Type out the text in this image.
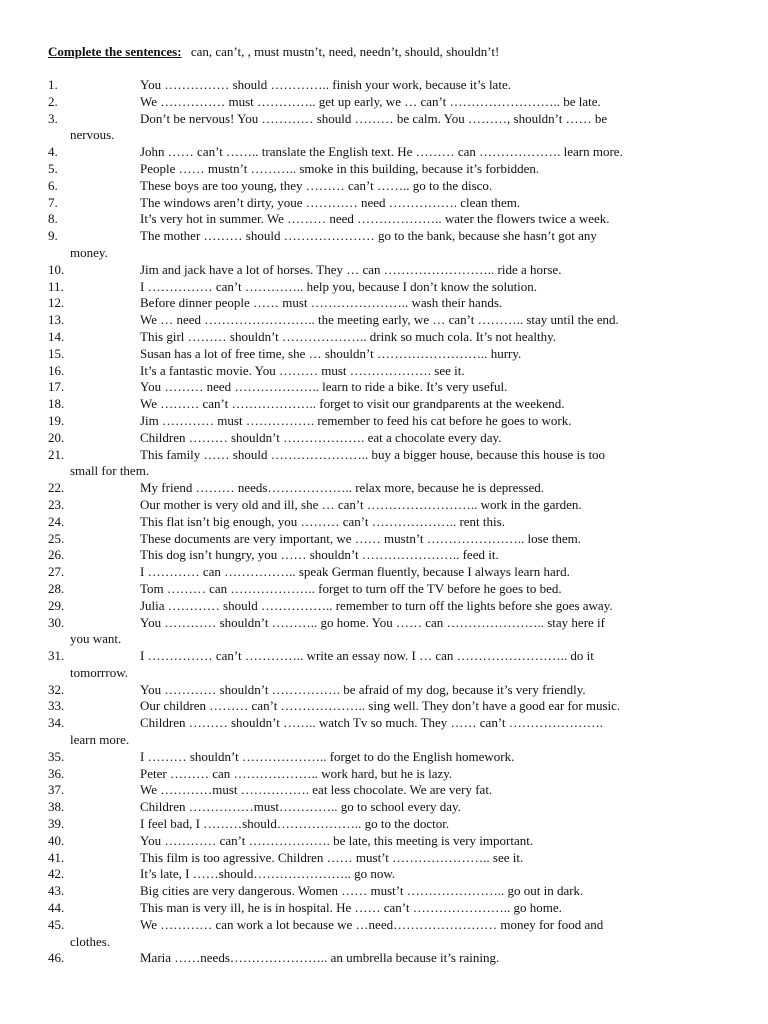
Complete the sentences: can, can’t, , must mustn’t, need, needn’t, should, shouldn’t!
1.	You …………… should ………….. finish your work, because it’s late.
2.	We …………… must ………….. get up early, we … can’t …………………….. be late.
3.	Don’t be nervous! You ………… should ……… be calm. You ………, shouldn’t …… be
nervous.
4.	John …… can’t …….. translate the English text. He ……… can ………………. learn more.
5.	People …… mustn’t ……….. smoke in this building, because it’s forbidden.
6.	These boys are too young, they ……… can’t …….. go to the disco.
7.	The windows aren’t dirty, youe ………… need ……………. clean them.
8.	It’s very hot in summer. We ……… need ……………….. water the flowers twice a week.
9.	The mother ……… should ………………… go to the bank, because she hasn’t got any
money.
10.	Jim and jack have a lot of horses. They … can …………………….. ride a horse.
11.	I …………… can’t ………….. help you, because I don’t know the solution.
12.	Before dinner people …… must ………………….. wash their hands.
13.	We … need …………………….. the meeting early, we … can’t ……….. stay until the end.
14.	This girl ……… shouldn’t ……………….. drink so much cola. It’s not healthy.
15.	Susan has a lot of free time, she … shouldn’t …………………….. hurry.
16.	It’s a fantastic movie. You ……… must ………………. see it.
17.	You ……… need ……………….. learn to ride a bike. It’s very useful.
18.	We ……… can’t ……………….. forget to visit our grandparents at the weekend.
19.	Jim ………… must ……………. remember to feed his cat before he goes to work.
20.	Children ……… shouldn’t ………………. eat a chocolate every day.
21.	This family …… should ………………….. buy a bigger house, because this house is too
small for them.
22.	My friend ……… needs……………….. relax more, because he is depressed.
23.	Our mother is very old and ill, she … can’t …………………….. work in the garden.
24.	This flat isn’t big enough, you ……… can’t ……………….. rent this.
25.	These documents are very important, we …… mustn’t ………………….. lose them.
26.	This dog isn’t hungry, you …… shouldn’t ………………….. feed it.
27.	I ………… can …………….. speak German fluently, because I always learn hard.
28.	Tom ……… can ……………….. forget to turn off the TV before he goes to bed.
29.	Julia ………… should …………….. remember to turn off the lights before she goes away.
30.	You ………… shouldn’t ……….. go home. You …… can ………………….. stay here if
you want.
31.	I …………… can’t ………….. write an essay now. I … can …………………….. do it
tomorrrow.
32.	You ………… shouldn’t ……………. be afraid of my dog, because it’s very friendly.
33.	Our children ……… can’t ……………….. sing well. They don’t have a good ear for music.
34.	Children ……… shouldn’t …….. watch Tv so much. They …… can’t ………………….
learn more.
35.	I ……… shouldn’t ……………….. forget to do the English homework.
36.	Peter ……… can ……………….. work hard, but he is lazy.
37.	We …………must ……………. eat less chocolate. We are very fat.
38.	Children ……………must………….. go to school every day.
39.	I feel bad, I ………should……………….. go to the doctor.
40.	You ………… can’t ………………. be late, this meeting is very important.
41.	This film is too agressive. Children …… must’t ………………….. see it.
42.	It’s late, I ……should………………….. go now.
43.	Big cities are very dangerous. Women …… must’t ………………….. go out in dark.
44.	This man is very ill, he is in hospital. He …… can’t ………………….. go home.
45.	We ………… can work a lot because we …need…………………… money for food and
clothes.
46.	Maria ……needs………………….. an umbrella because it’s raining.
